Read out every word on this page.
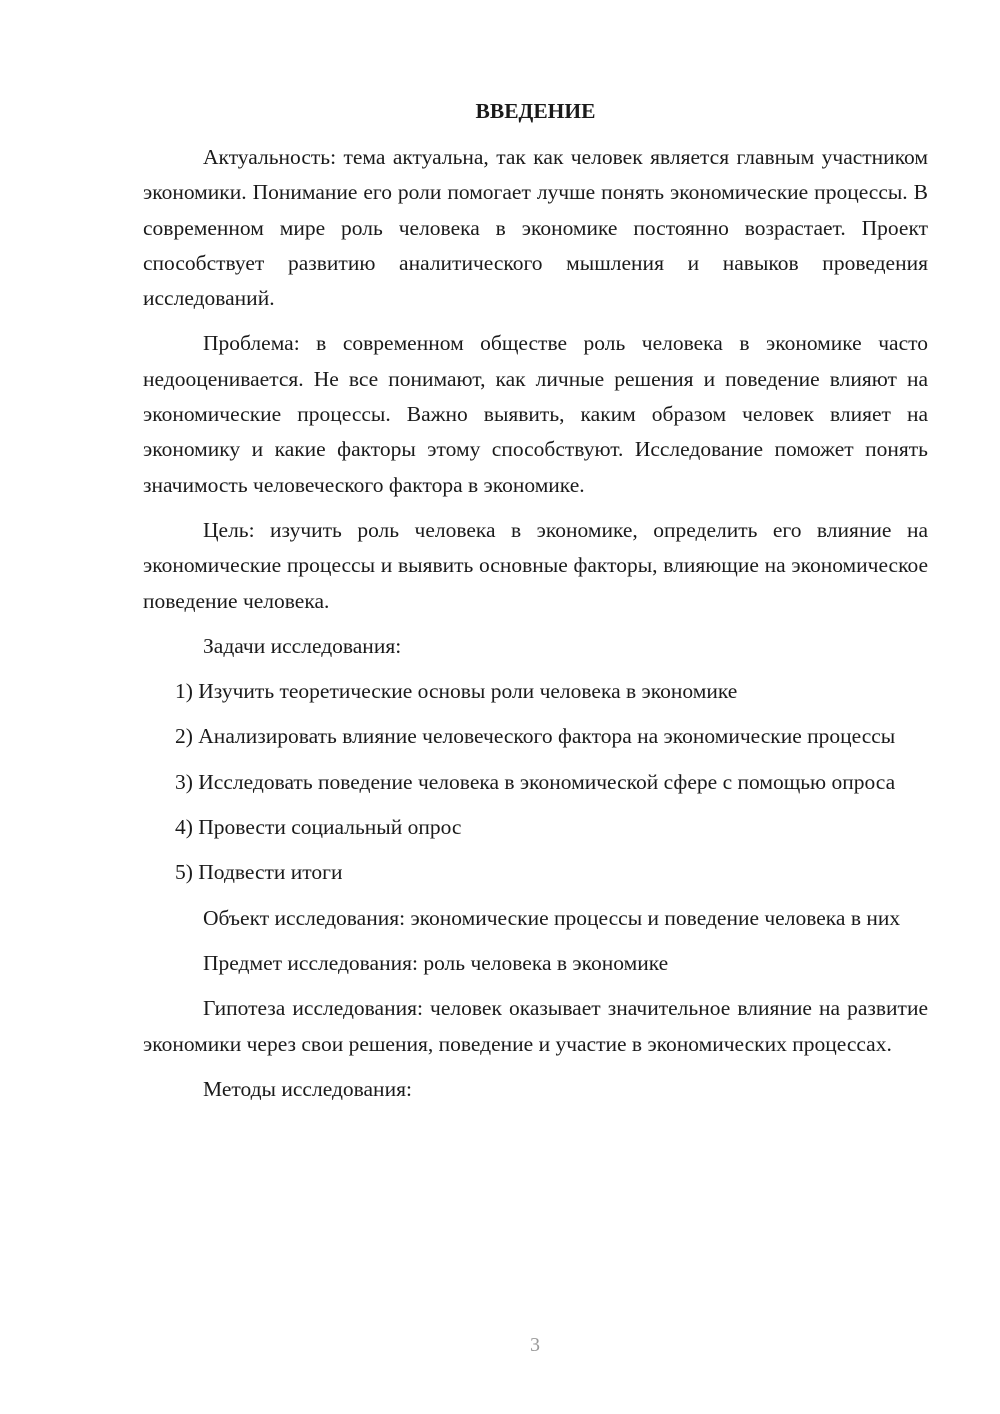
ВВЕДЕНИЕ

Актуальность: тема актуальна, так как человек является главным участником экономики. Понимание его роли помогает лучше понять экономические процессы. В современном мире роль человека в экономике постоянно возрастает. Проект способствует развитию аналитического мышления и навыков проведения исследований.

Проблема: в современном обществе роль человека в экономике часто недооценивается. Не все понимают, как личные решения и поведение влияют на экономические процессы. Важно выявить, каким образом человек влияет на экономику и какие факторы этому способствуют. Исследование поможет понять значимость человеческого фактора в экономике.

Цель: изучить роль человека в экономике, определить его влияние на экономические процессы и выявить основные факторы, влияющие на экономическое поведение человека.

Задачи исследования:

1) Изучить теоретические основы роли человека в экономике

2) Анализировать влияние человеческого фактора на экономические процессы

3) Исследовать поведение человека в экономической сфере с помощью опроса

4) Провести социальный опрос

5) Подвести итоги

Объект исследования: экономические процессы и поведение человека в них

Предмет исследования: роль человека в экономике

Гипотеза исследования: человек оказывает значительное влияние на развитие экономики через свои решения, поведение и участие в экономических процессах.

Методы исследования:

3
